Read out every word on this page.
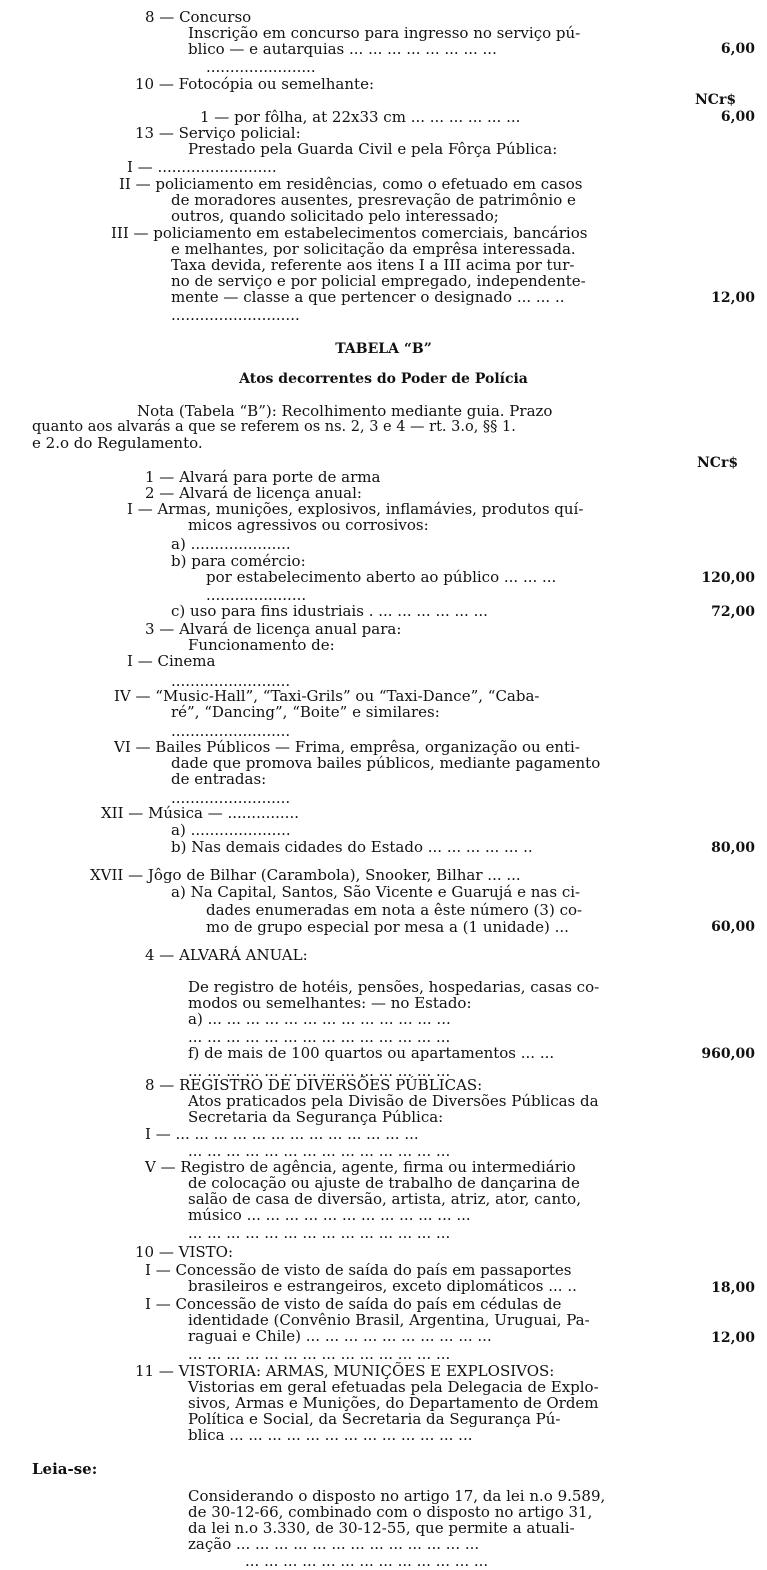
8 — Concurso
Inscrição em concurso para ingresso no serviço pú-
blico — e autarquias ... ... ... ... ... ... ... ...
.......................
10 — Fotocópia ou semelhante:
1 — por fôlha, at 22x33 cm ... ... ... ... ... ...
13 — Serviço policial:
Prestado pela Guarda Civil e pela Fôrça Pública:
I — .........................
II — policiamento em residências, como o efetuado em casos
de moradores ausentes, presrevação de patrimônio e
outros, quando solicitado pelo interessado;
III — policiamento em estabelecimentos comerciais, bancários
e melhantes, por solicitação da emprêsa interessada.
Taxa devida, referente aos itens I a III acima por tur-
no de serviço e por policial empregado, independente-
mente — classe a que pertencer o designado ... ... ..
...........................
TABELA “B”
Atos decorrentes do Poder de Polícia
Nota (Tabela “B”): Recolhimento mediante guia. Prazo
quanto aos alvarás a que se referem os ns. 2, 3 e 4 — rt. 3.o, §§ 1.
e 2.o do Regulamento.
1 — Alvará para porte de arma
2 — Alvará de licença anual:
I — Armas, munições, explosivos, inflamávies, produtos quí-
micos agressivos ou corrosivos:
a) .....................
b) para comércio:
por estabelecimento aberto ao público ... ... ...
.....................
c) uso para fins idustriais . ... ... ... ... ... ...
3 — Alvará de licença anual para:
Funcionamento de:
I — Cinema
.........................
IV — “Music-Hall”, “Taxi-Grils” ou “Taxi-Dance”, “Caba-
ré”, “Dancing”, “Boite” e similares:
.........................
VI — Bailes Públicos — Frima, emprêsa, organização ou enti-
dade que promova bailes públicos, mediante pagamento
de entradas:
.........................
XII — Música — ...............
a) .....................
b) Nas demais cidades do Estado ... ... ... ... ... ..
XVII — Jôgo de Bilhar (Carambola), Snooker, Bilhar ... ...
a) Na Capital, Santos, São Vicente e Guarujá e nas ci-
dades enumeradas em nota a êste número (3) co-
mo de grupo especial por mesa a (1 unidade) ...
4 — ALVARÁ ANUAL:
De registro de hotéis, pensões, hospedarias, casas co-
modos ou semelhantes: — no Estado:
a) ... ... ... ... ... ... ... ... ... ... ... ... ...
... ... ... ... ... ... ... ... ... ... ... ... ... ...
f) de mais de 100 quartos ou apartamentos ... ...
... ... ... ... ... ... ... ... ... ... ... ... ... ...
8 — REGISTRO DE DIVERSÕES PÚBLICAS:
Atos praticados pela Divisão de Diversões Públicas da
Secretaria da Segurança Pública:
I — ... ... ... ... ... ... ... ... ... ... ... ... ...
... ... ... ... ... ... ... ... ... ... ... ... ... ...
V — Registro de agência, agente, firma ou intermediário
de colocação ou ajuste de trabalho de dançarina de
salão de casa de diversão, artista, atriz, ator, canto,
músico ... ... ... ... ... ... ... ... ... ... ... ...
... ... ... ... ... ... ... ... ... ... ... ... ... ...
10 — VISTO:
I — Concessão de visto de saída do país em passaportes
brasileiros e estrangeiros, exceto diplomáticos ... ..
I — Concessão de visto de saída do país em cédulas de
identidade (Convênio Brasil, Argentina, Uruguai, Pa-
raguai e Chile) ... ... ... ... ... ... ... ... ... ...
... ... ... ... ... ... ... ... ... ... ... ... ... ...
11 — VISTORIA: ARMAS, MUNIÇÕES E EXPLOSIVOS:
Vistorias em geral efetuadas pela Delegacia de Explo-
sivos, Armas e Munições, do Departamento de Ordem
Política e Social, da Secretaria da Segurança Pú-
blica ... ... ... ... ... ... ... ... ... ... ... ... ...
Leia-se:
Considerando o disposto no artigo 17, da lei n.o 9.589,
de 30-12-66, combinado com o disposto no artigo 31,
da lei n.o 3.330, de 30-12-55, que permite a atuali-
zação ... ... ... ... ... ... ... ... ... ... ... ... ...
... ... ... ... ... ... ... ... ... ... ... ... ...
NCr$
NCr$
6,00
6,00
12,00
120,00
72,00
80,00
60,00
960,00
18,00
12,00
